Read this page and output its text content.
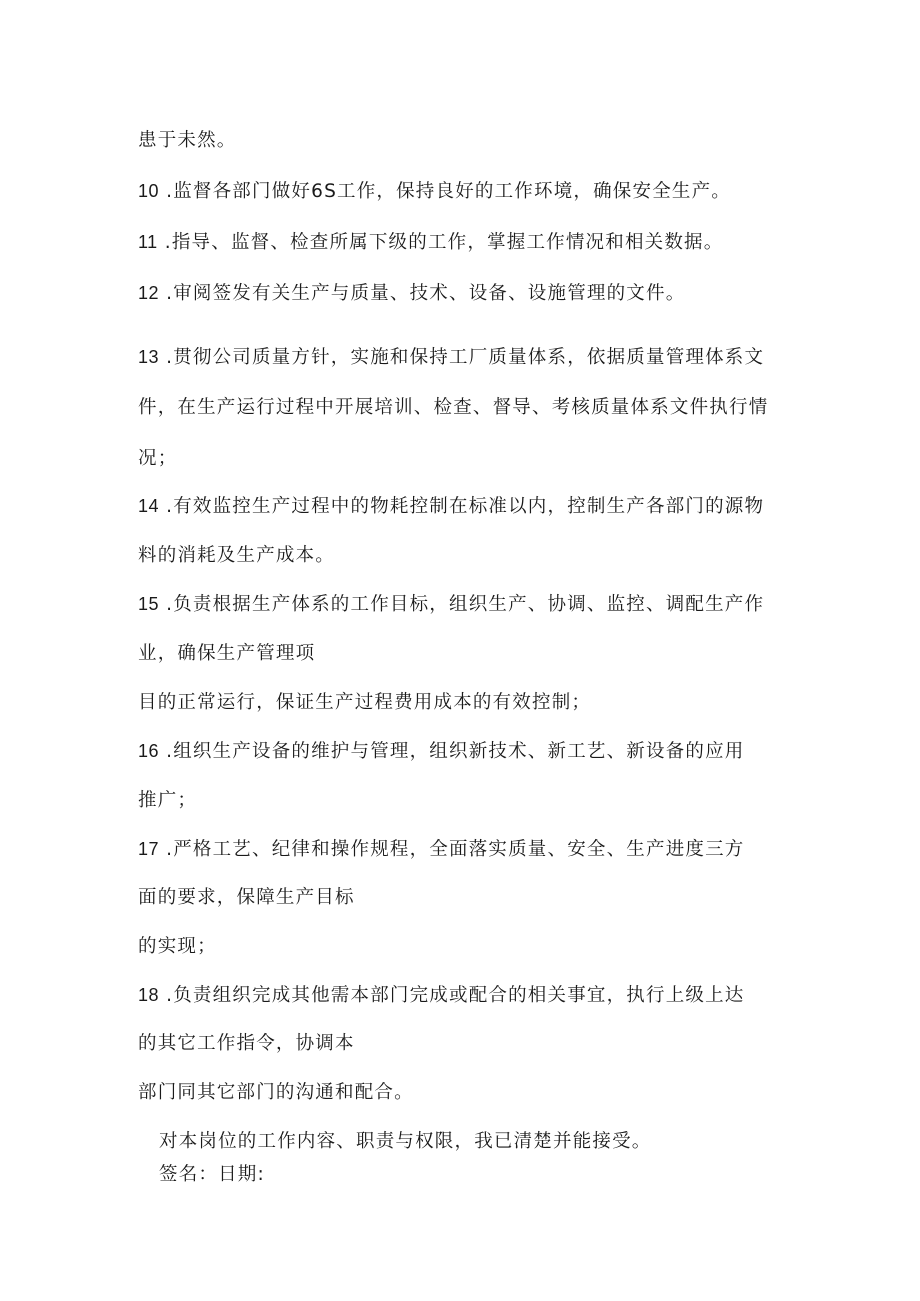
患于未然。
10 .监督各部门做好6S工作，保持良好的工作环境，确保安全生产。
11 .指导、监督、检查所属下级的工作，掌握工作情况和相关数据。
12 .审阅签发有关生产与质量、技术、设备、设施管理的文件。
13 .贯彻公司质量方针，实施和保持工厂质量体系，依据质量管理体系文
件，在生产运行过程中开展培训、检查、督导、考核质量体系文件执行情
况；
14 .有效监控生产过程中的物耗控制在标准以内，控制生产各部门的源物
料的消耗及生产成本。
15 .负责根据生产体系的工作目标，组织生产、协调、监控、调配生产作
业，确保生产管理项
目的正常运行，保证生产过程费用成本的有效控制；
16 .组织生产设备的维护与管理，组织新技术、新工艺、新设备的应用
推广；
17 .严格工艺、纪律和操作规程，全面落实质量、安全、生产进度三方
面的要求，保障生产目标
的实现；
18 .负责组织完成其他需本部门完成或配合的相关事宜，执行上级上达
的其它工作指令，协调本
部门同其它部门的沟通和配合。
对本岗位的工作内容、职责与权限，我已清楚并能接受。
签名：日期:
